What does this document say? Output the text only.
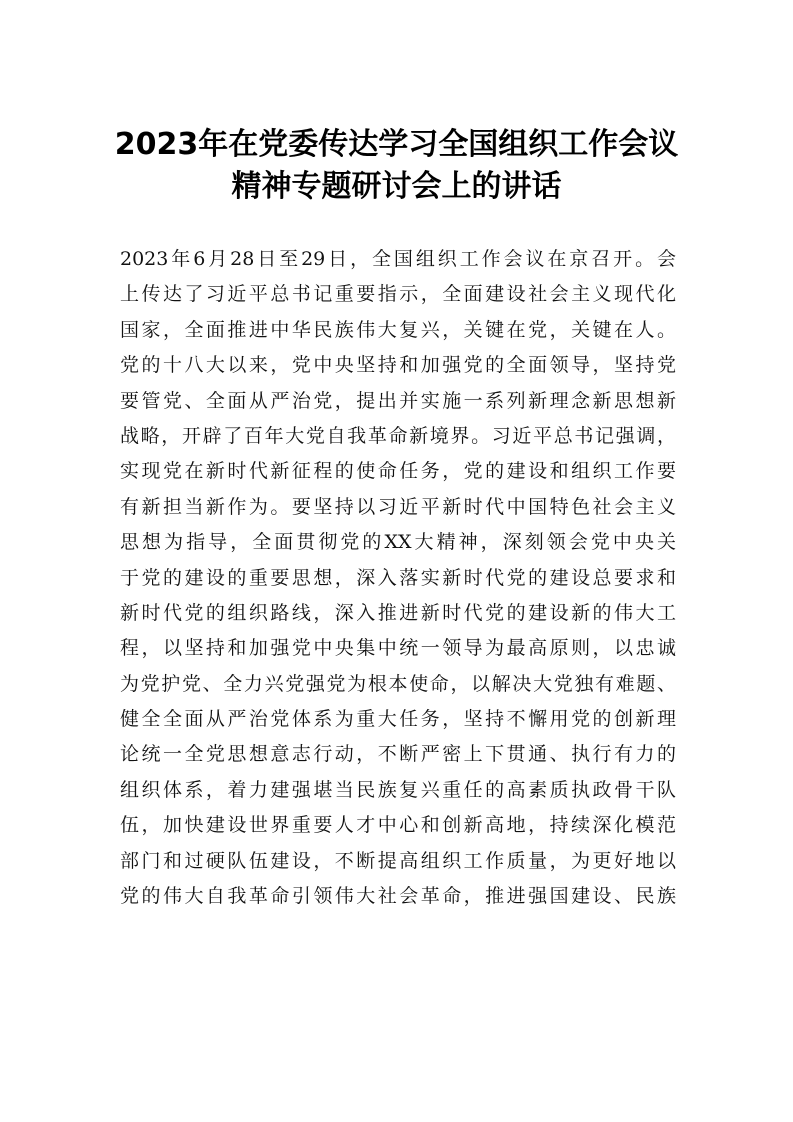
2023年在党委传达学习全国组织工作会议
精神专题研讨会上的讲话
2023年6月28日至29日，全国组织工作会议在京召开。会
上传达了习近平总书记重要指示，全面建设社会主义现代化
国家，全面推进中华民族伟大复兴，关键在党，关键在人。
党的十八大以来，党中央坚持和加强党的全面领导，坚持党
要管党、全面从严治党，提出并实施一系列新理念新思想新
战略，开辟了百年大党自我革命新境界。习近平总书记强调，
实现党在新时代新征程的使命任务，党的建设和组织工作要
有新担当新作为。要坚持以习近平新时代中国特色社会主义
思想为指导，全面贯彻党的XX大精神，深刻领会党中央关
于党的建设的重要思想，深入落实新时代党的建设总要求和
新时代党的组织路线，深入推进新时代党的建设新的伟大工
程，以坚持和加强党中央集中统一领导为最高原则，以忠诚
为党护党、全力兴党强党为根本使命，以解决大党独有难题、
健全全面从严治党体系为重大任务，坚持不懈用党的创新理
论统一全党思想意志行动，不断严密上下贯通、执行有力的
组织体系，着力建强堪当民族复兴重任的高素质执政骨干队
伍，加快建设世界重要人才中心和创新高地，持续深化模范
部门和过硬队伍建设，不断提高组织工作质量，为更好地以
党的伟大自我革命引领伟大社会革命，推进强国建设、民族
